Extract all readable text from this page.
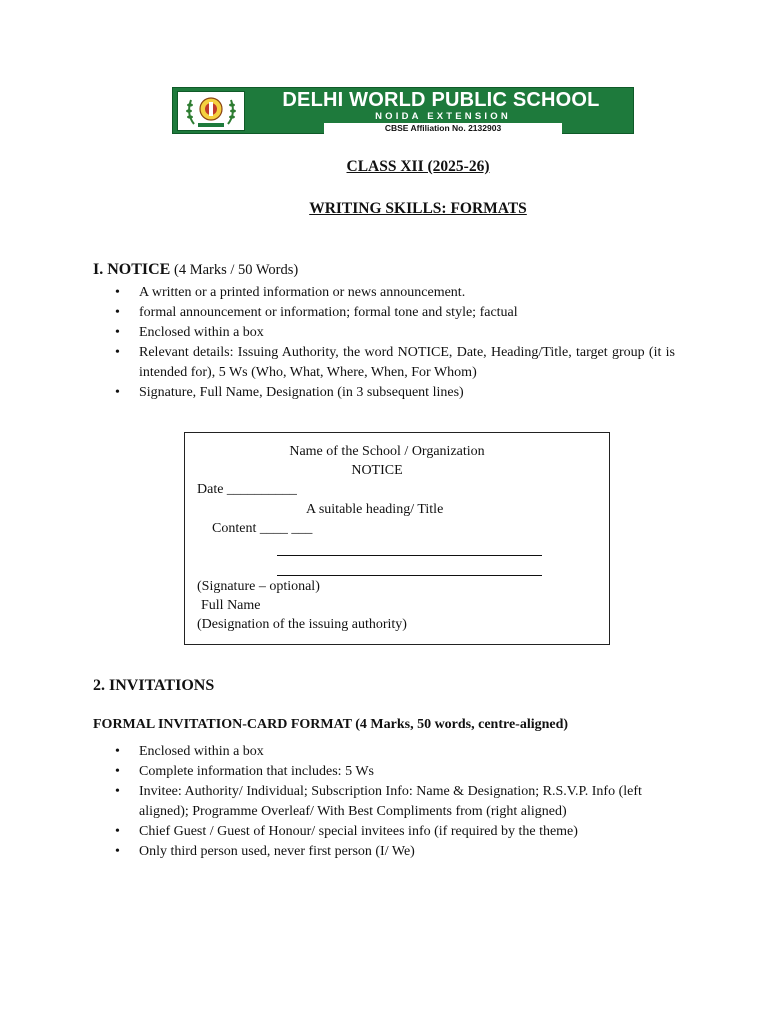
DELHI WORLD PUBLIC SCHOOL
NOIDA EXTENSION
CBSE Affiliation No. 2132903
CLASS XII (2025-26)
WRITING SKILLS: FORMATS
I. NOTICE (4 Marks / 50 Words)
• A written or a printed information or news announcement.
• formal announcement or information; formal tone and style; factual
• Enclosed within a box
• Relevant details: Issuing Authority, the word NOTICE, Date, Heading/Title, target group (it is intended for), 5 Ws (Who, What, Where, When, For Whom)
• Signature, Full Name, Designation (in 3 subsequent lines)
Name of the School / Organization
NOTICE
Date __________
A suitable heading/ Title
Content ____ ___
(Signature – optional)
Full Name
(Designation of the issuing authority)
2. INVITATIONS
FORMAL INVITATION-CARD FORMAT (4 Marks, 50 words, centre-aligned)
• Enclosed within a box
• Complete information that includes: 5 Ws
• Invitee: Authority/ Individual; Subscription Info: Name & Designation; R.S.V.P. Info (left aligned); Programme Overleaf/ With Best Compliments from (right aligned)
• Chief Guest / Guest of Honour/ special invitees info (if required by the theme)
• Only third person used, never first person (I/ We)
